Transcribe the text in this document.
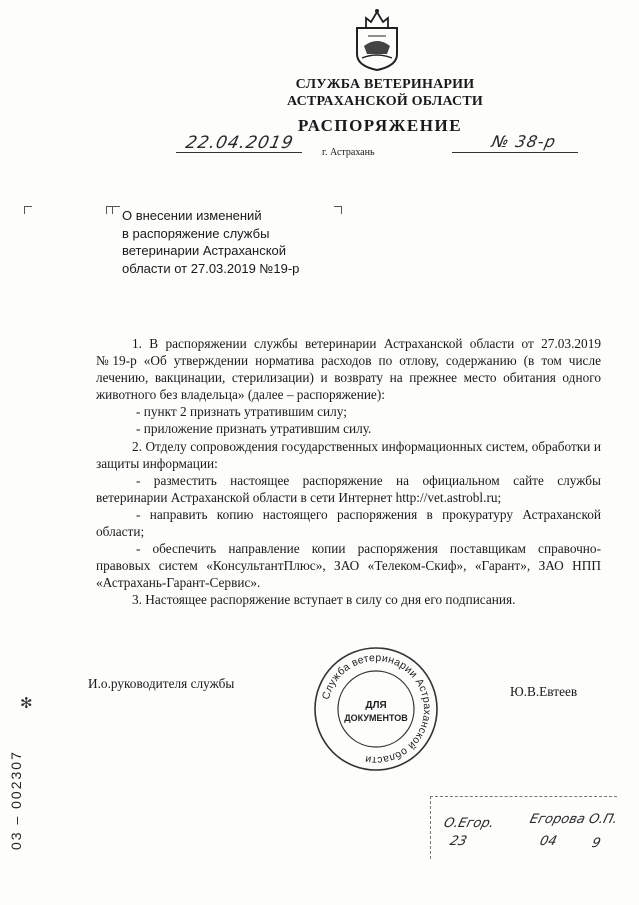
СЛУЖБА ВЕТЕРИНАРИИ
АСТРАХАНСКОЙ ОБЛАСТИ
РАСПОРЯЖЕНИЕ
22.04.2019	г. Астрахань
№ 38-р
О внесении изменений
в распоряжение службы
ветеринарии Астраханской
области от 27.03.2019 №19-р

1. В распоряжении службы ветеринарии Астраханской области от 27.03.2019 №19-р «Об утверждении норматива расходов по отлову, содержанию (в том числе лечению, вакцинации, стерилизации) и возврату на прежнее место обитания одного животного без владельца» (далее – распоряжение):

- пункт 2 признать утратившим силу;

- приложение признать утратившим силу.

2. Отделу сопровождения государственных информационных систем, обработки и защиты информации:

- разместить настоящее распоряжение на официальном сайте службы ветеринарии Астраханской области в сети Интернет http://vet.astrobl.ru;

- направить копию настоящего распоряжения в прокуратуру Астраханской области;

- обеспечить направление копии распоряжения поставщикам справочно-правовых систем «КонсультантПлюс», ЗАО «Телеком-Скиф», «Гарант», ЗАО НПП «Астрахань-Гарант-Сервис».

3. Настоящее распоряжение вступает в силу со дня его подписания.

И.о.руководителя службы
Служба ветеринарии Астраханской области
ДЛЯ
ДОКУМЕНТОВ
Ю.В.Евтеев
✻
03 – 002307	О.Егор.
23
Егорова О.П.
04 9
